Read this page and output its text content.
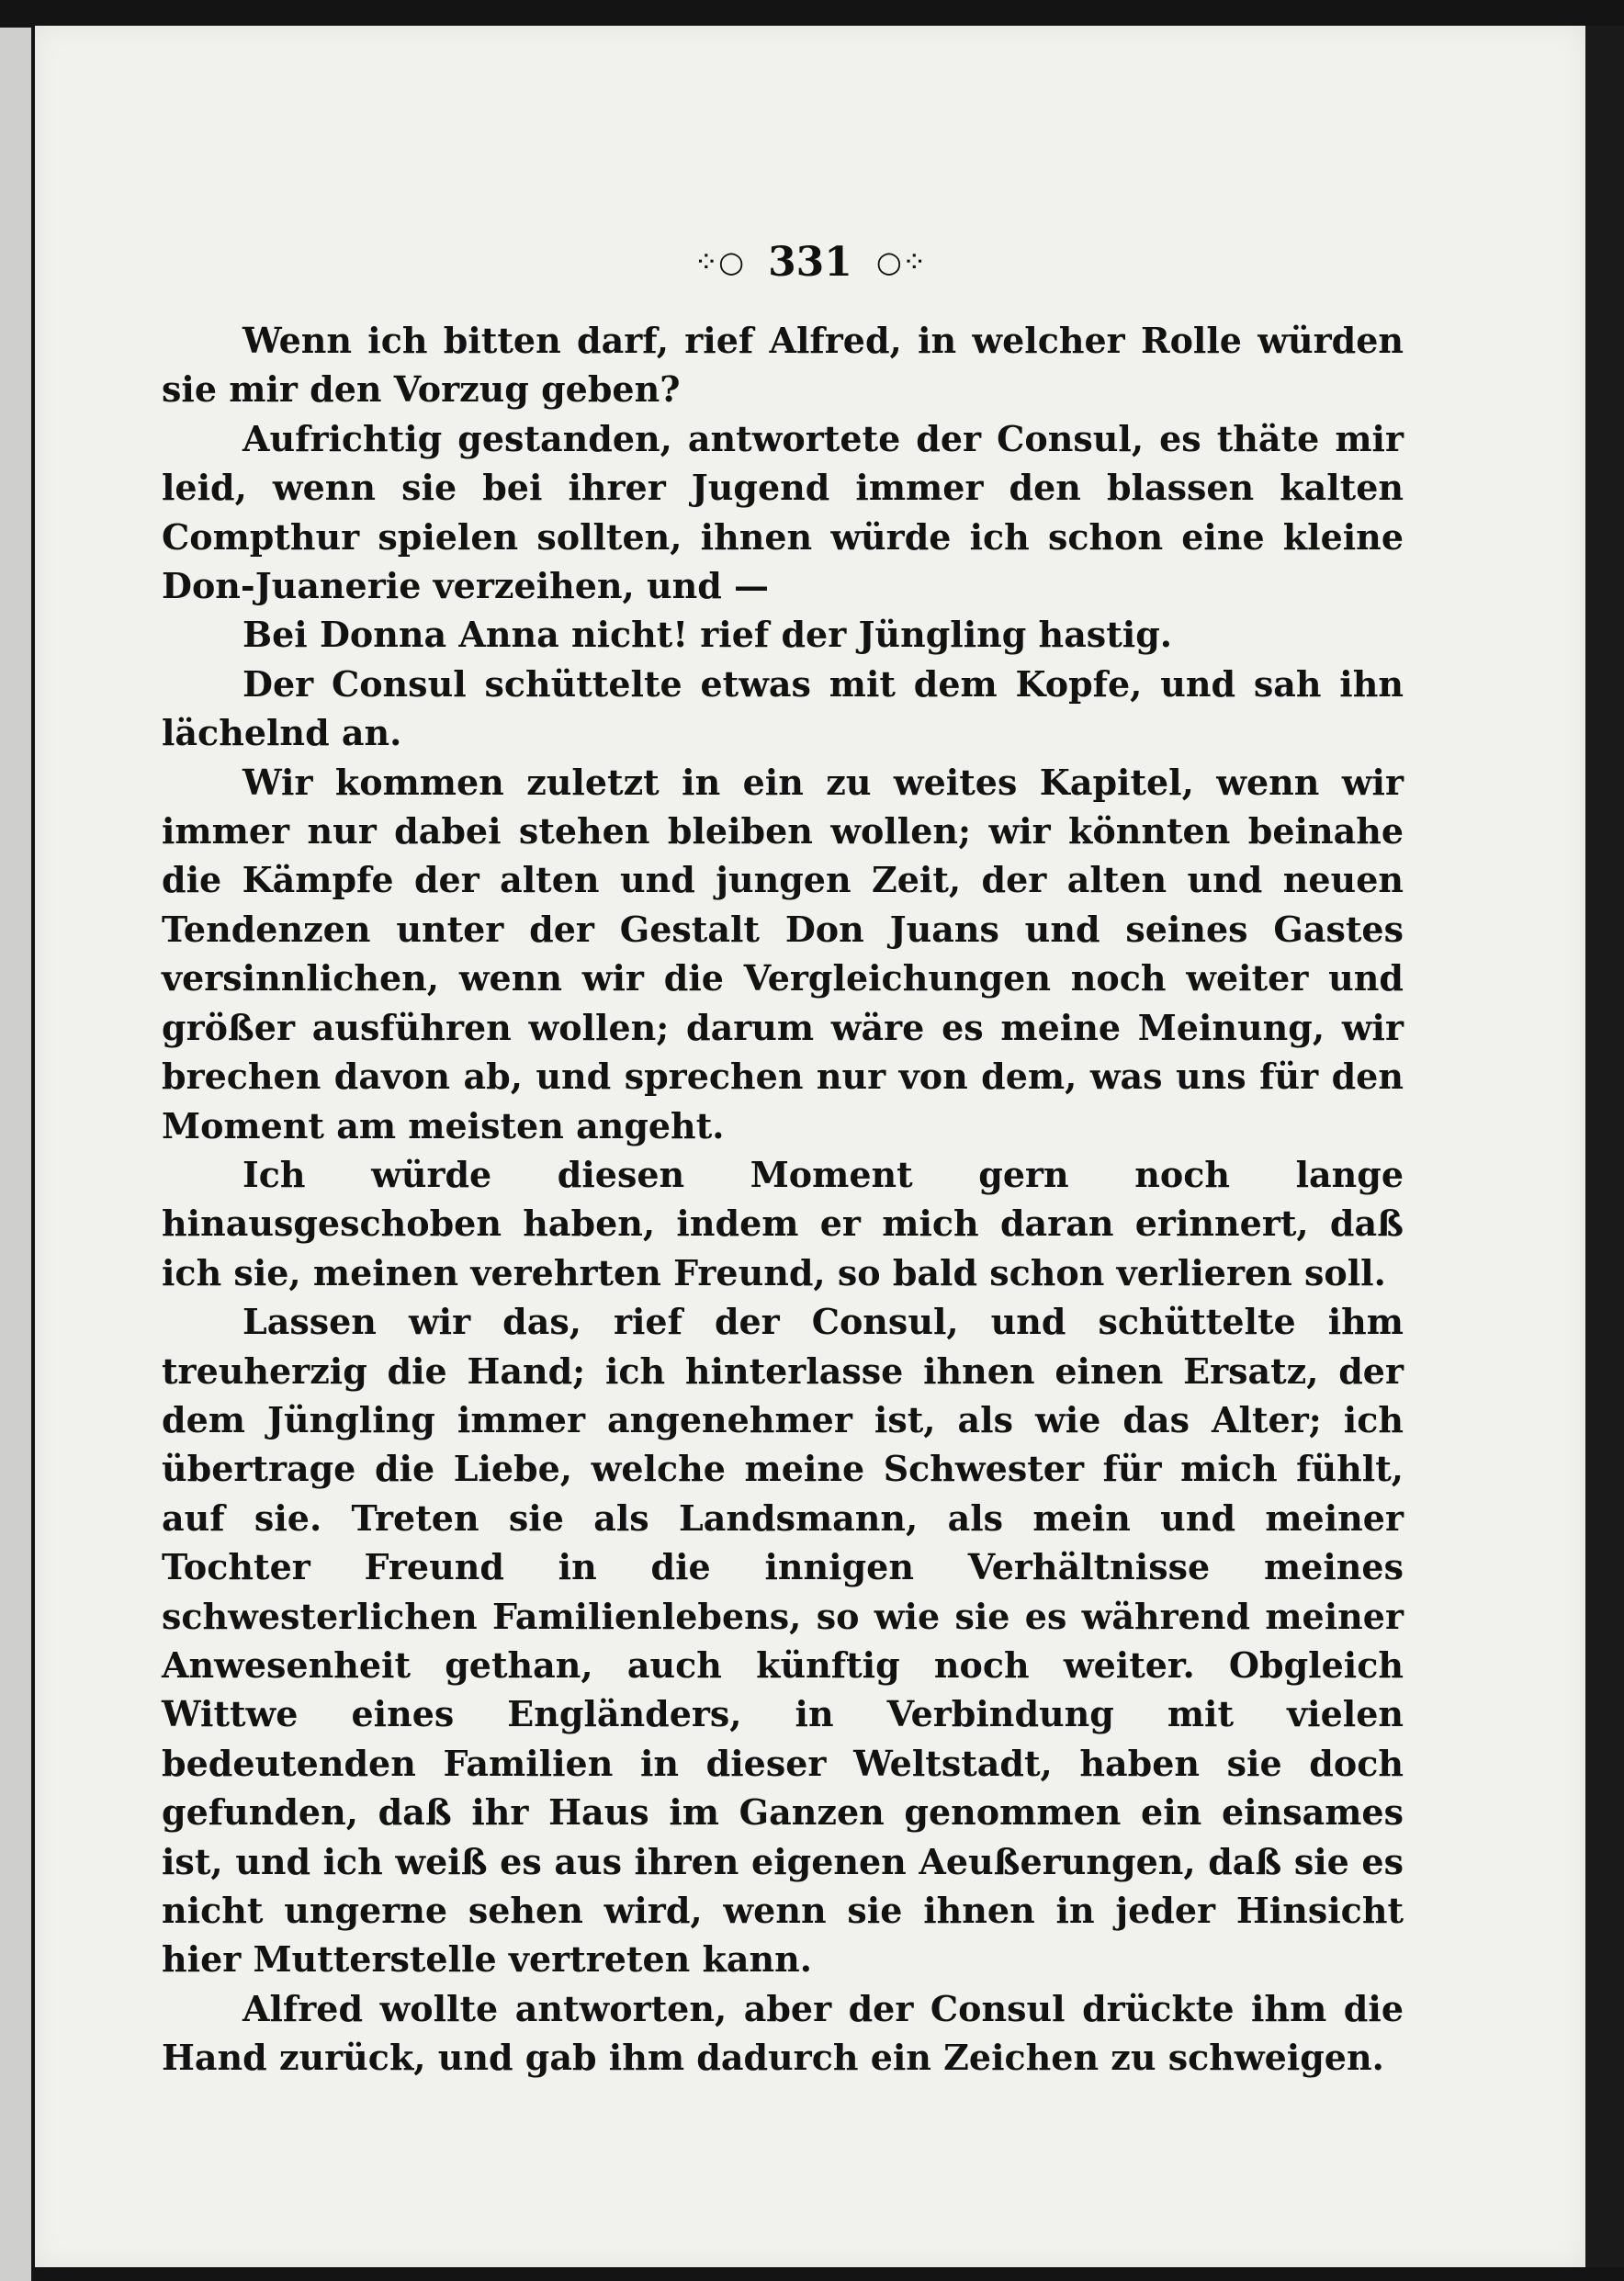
⁘○ 331 ○⁘

Wenn ich bitten darf, rief Alfred, in welcher Rolle würden sie mir den Vorzug geben?

Aufrichtig gestanden, antwortete der Consul, es thäte mir leid, wenn sie bei ihrer Jugend immer den blassen kalten Compthur spielen sollten, ihnen würde ich schon eine kleine Don-Juanerie verzeihen, und —

Bei Donna Anna nicht! rief der Jüngling hastig.

Der Consul schüttelte etwas mit dem Kopfe, und sah ihn lächelnd an.

Wir kommen zuletzt in ein zu weites Kapitel, wenn wir immer nur dabei stehen bleiben wollen; wir könnten beinahe die Kämpfe der alten und jungen Zeit, der alten und neuen Tendenzen unter der Gestalt Don Juans und seines Gastes versinnlichen, wenn wir die Vergleichungen noch weiter und größer ausführen wollen; darum wäre es meine Meinung, wir brechen davon ab, und sprechen nur von dem, was uns für den Moment am meisten angeht.

Ich würde diesen Moment gern noch lange hinausgeschoben haben, indem er mich daran erinnert, daß ich sie, meinen verehrten Freund, so bald schon verlieren soll.

Lassen wir das, rief der Consul, und schüttelte ihm treuherzig die Hand; ich hinterlasse ihnen einen Ersatz, der dem Jüngling immer angenehmer ist, als wie das Alter; ich übertrage die Liebe, welche meine Schwester für mich fühlt, auf sie. Treten sie als Landsmann, als mein und meiner Tochter Freund in die innigen Verhältnisse meines schwesterlichen Familienlebens, so wie sie es während meiner Anwesenheit gethan, auch künftig noch weiter. Obgleich Wittwe eines Engländers, in Verbindung mit vielen bedeutenden Familien in dieser Weltstadt, haben sie doch gefunden, daß ihr Haus im Ganzen genommen ein einsames ist, und ich weiß es aus ihren eigenen Aeußerungen, daß sie es nicht ungerne sehen wird, wenn sie ihnen in jeder Hinsicht hier Mutterstelle vertreten kann.

Alfred wollte antworten, aber der Consul drückte ihm die Hand zurück, und gab ihm dadurch ein Zeichen zu schweigen.
